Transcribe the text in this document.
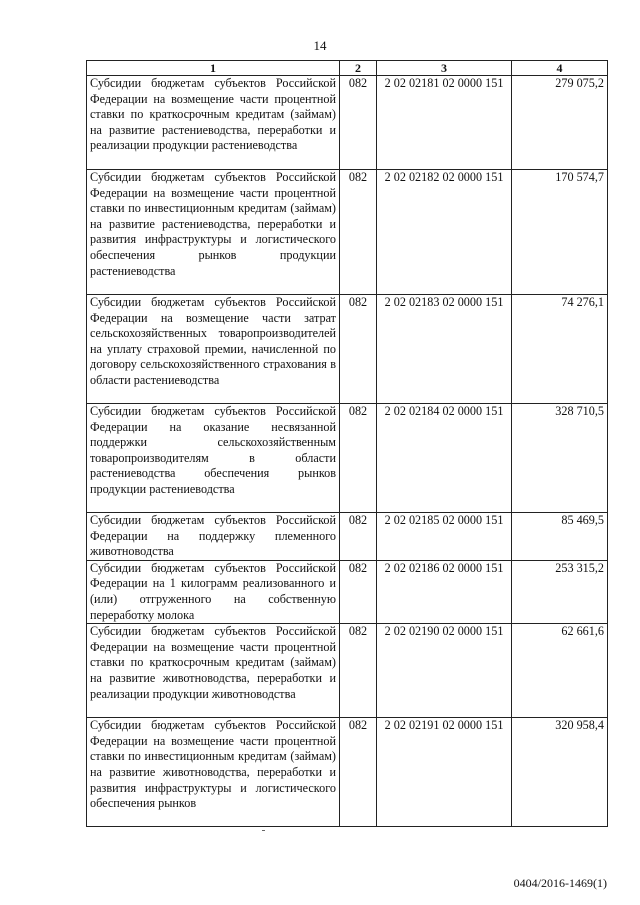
14
1	2	3	4
Субсидии бюджетам субъектов Российской Федерации на возмещение части процентной ставки по краткосрочным кредитам (займам) на развитие растениеводства, переработки и реализации продукции растениеводства	082	2 02 02181 02 0000 151	279 075,2
Субсидии бюджетам субъектов Российской Федерации на возмещение части процентной ставки по инвестиционным кредитам (займам) на развитие растениеводства, переработки и развития инфраструктуры и логистического обеспечения рынков продукции растениеводства	082	2 02 02182 02 0000 151	170 574,7
Субсидии бюджетам субъектов Российской Федерации на возмещение части затрат сельскохозяйственных товаропроизводителей на уплату страховой премии, начисленной по договору сельскохозяйственного страхования в области растениеводства	082	2 02 02183 02 0000 151	74 276,1
Субсидии бюджетам субъектов Российской Федерации на оказание несвязанной поддержки сельскохозяйственным товаропроизводителям в области растениеводства обеспечения рынков продукции растениеводства	082	2 02 02184 02 0000 151	328 710,5
Субсидии бюджетам субъектов Российской Федерации на поддержку племенного животноводства	082	2 02 02185 02 0000 151	85 469,5
Субсидии бюджетам субъектов Российской Федерации на 1 килограмм реализованного и (или) отгруженного на собственную переработку молока	082	2 02 02186 02 0000 151	253 315,2
Субсидии бюджетам субъектов Российской Федерации на возмещение части процентной ставки по краткосрочным кредитам (займам) на развитие животноводства, переработки и реализации продукции животноводства	082	2 02 02190 02 0000 151	62 661,6
Субсидии бюджетам субъектов Российской Федерации на возмещение части процентной ставки по инвестиционным кредитам (займам) на развитие животноводства, переработки и развития инфраструктуры и логистического обеспечения рынков	082	2 02 02191 02 0000 151	320 958,4
0404/2016-1469(1)
